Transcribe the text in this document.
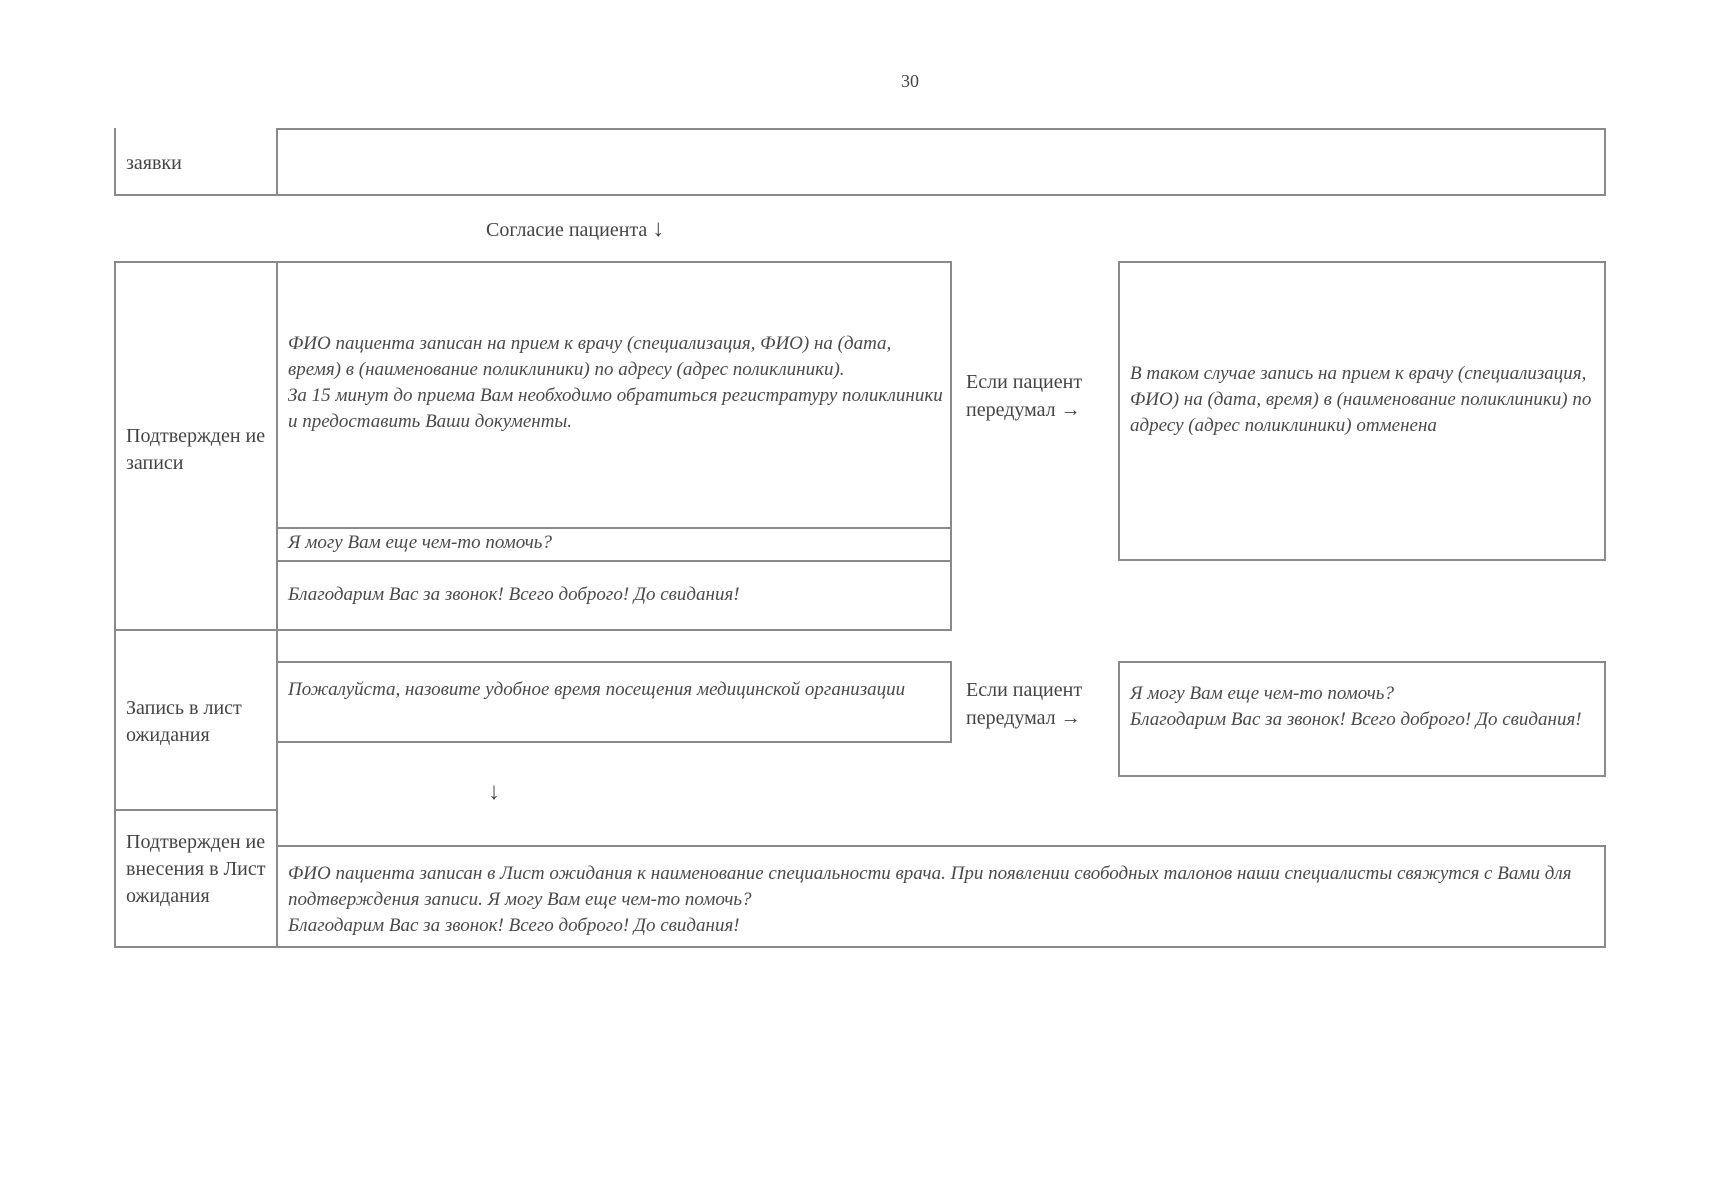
30
заявки
Согласие пациента ↓
Подтвержден ие записи
ФИО пациента записан на прием к врачу (специализация, ФИО) на (дата, время) в (наименование поликлиники) по адресу (адрес поликлиники).
За 15 минут до приема Вам необходимо обратиться регистратуру поликлиники и предоставить Ваши документы.
Я могу Вам еще чем-то помочь?
Благодарим Вас за звонок! Всего доброго! До свидания!
Если пациент передумал →
В таком случае запись на прием к врачу (специализация, ФИО) на (дата, время) в (наименование поликлиники) по адресу (адрес поликлиники) отменена
Запись в лист ожидания
Пожалуйста, назовите удобное время посещения медицинской организации	Если пациент передумал →
Я могу Вам еще чем-то помочь?
Благодарим Вас за звонок! Всего доброго! До свидания!
↓
Подтвержден ие внесения в Лист ожидания
ФИО пациента записан в Лист ожидания к наименование специальности врача. При появлении свободных талонов наши специалисты свяжутся с Вами для подтверждения записи. Я могу Вам еще чем-то помочь?
Благодарим Вас за звонок! Всего доброго! До свидания!
